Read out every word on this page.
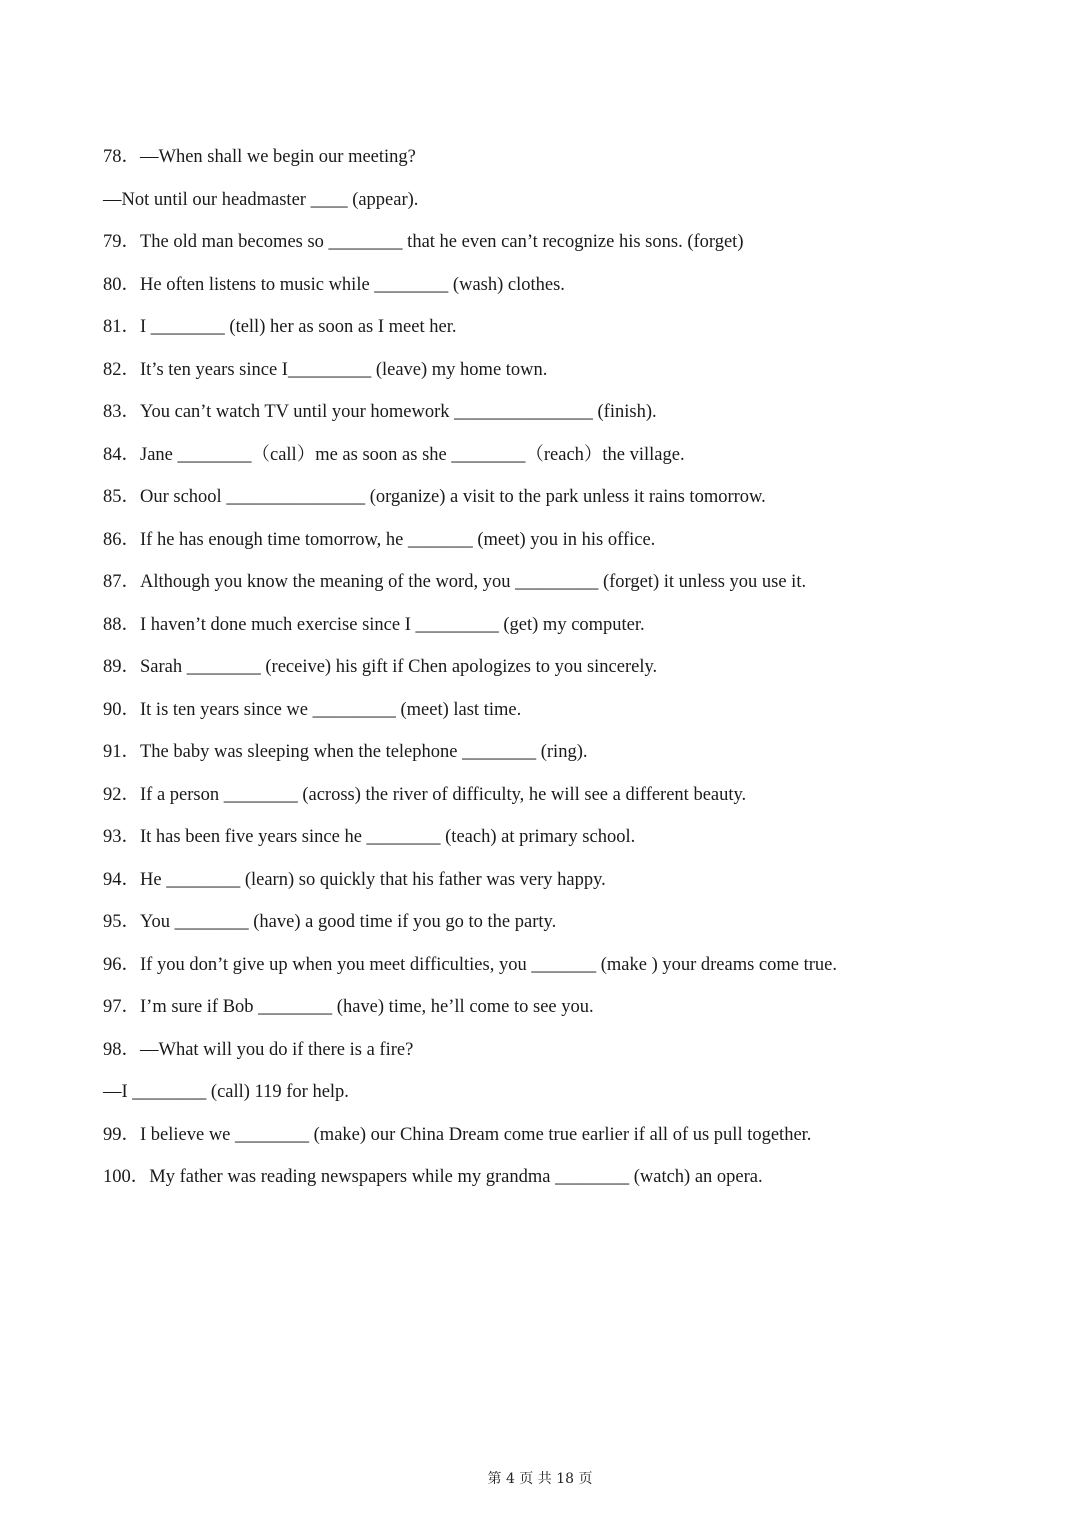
78．—When shall we begin our meeting?
—Not until our headmaster ____ (appear).
79．The old man becomes so ________ that he even can’t recognize his sons. (forget)
80．He often listens to music while ________ (wash) clothes.
81．I ________ (tell) her as soon as I meet her.
82．It’s ten years since I_________ (leave) my home town.
83．You can’t watch TV until your homework _______________ (finish).
84．Jane ________（call）me as soon as she ________（reach）the village.
85．Our school _______________ (organize) a visit to the park unless it rains tomorrow.
86．If he has enough time tomorrow, he _______ (meet) you in his office.
87．Although you know the meaning of the word, you _________ (forget) it unless you use it.
88．I haven’t done much exercise since I _________ (get) my computer.
89．Sarah ________ (receive) his gift if Chen apologizes to you sincerely.
90．It is ten years since we _________ (meet) last time.
91．The baby was sleeping when the telephone ________ (ring).
92．If a person ________ (across) the river of difficulty, he will see a different beauty.
93．It has been five years since he ________ (teach) at primary school.
94．He ________ (learn) so quickly that his father was very happy.
95．You ________ (have) a good time if you go to the party.
96．If you don’t give up when you meet difficulties, you _______ (make ) your dreams come true.
97．I’m sure if Bob ________ (have) time, he’ll come to see you.
98．—What will you do if there is a fire?
—I ________ (call) 119 for help.
99．I believe we ________ (make) our China Dream come true earlier if all of us pull together.
100．My father was reading newspapers while my grandma ________ (watch) an opera.
第 4 页 共 18 页
